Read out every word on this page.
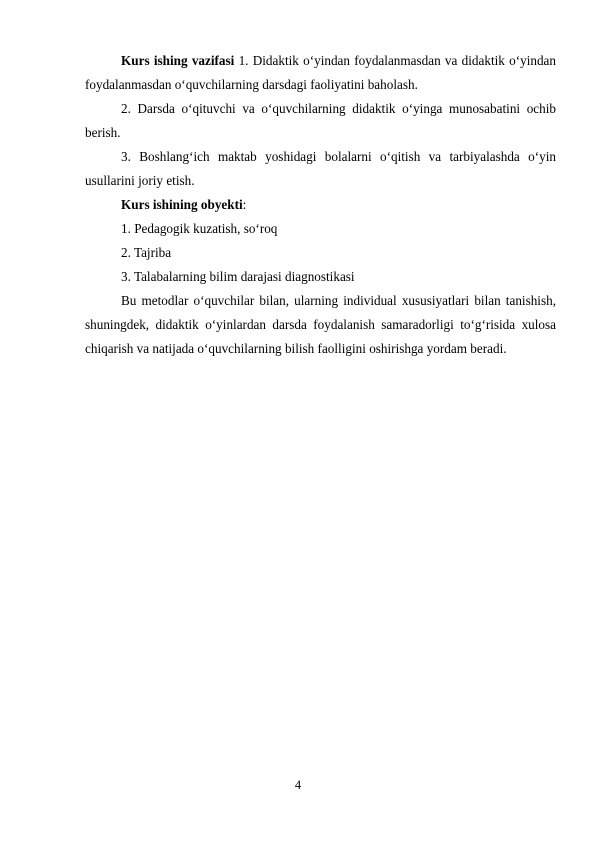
Kurs ishing vazifasi 1. Didaktik o‘yindan foydalanmasdan va didaktik o‘yindan foydalanmasdan o‘quvchilarning darsdagi faoliyatini baholash.

2. Darsda o‘qituvchi va o‘quvchilarning didaktik o‘yinga munosabatini ochib berish.

3. Boshlang‘ich maktab yoshidagi bolalarni o‘qitish va tarbiyalashda o‘yin usullarini joriy etish.

Kurs ishining obyekti:

1. Pedagogik kuzatish, so‘roq

2. Tajriba

3. Talabalarning bilim darajasi diagnostikasi

Bu metodlar o‘quvchilar bilan, ularning individual xususiyatlari bilan tanishish, shuningdek, didaktik o‘yinlardan darsda foydalanish samaradorligi to‘g‘risida xulosa chiqarish va natijada o‘quvchilarning bilish faolligini oshirishga yordam beradi.

4
